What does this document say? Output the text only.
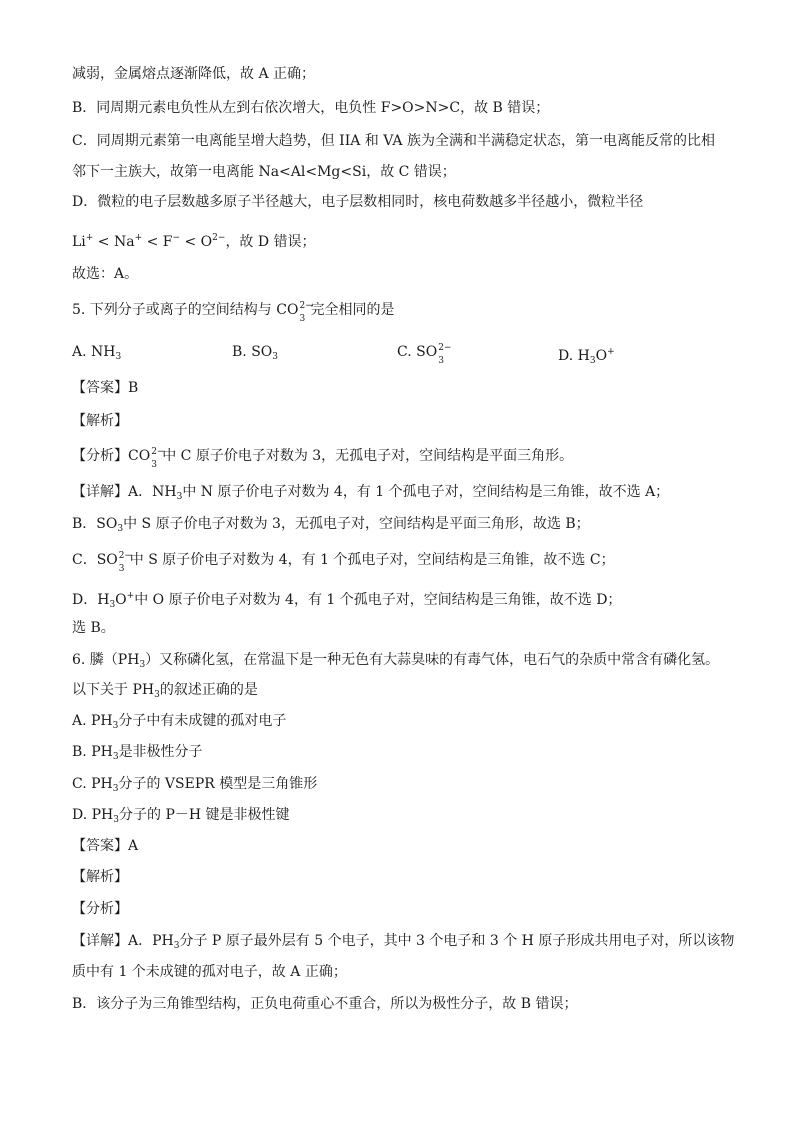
减弱，金属熔点逐渐降低，故 A 正确；
B．同周期元素电负性从左到右依次增大，电负性 F>O>N>C，故 B 错误；
C．同周期元素第一电离能呈增大趋势，但 IIA 和 VA 族为全满和半满稳定状态，第一电离能反常的比相
邻下一主族大，故第一电离能 Na<Al<Mg<Si，故 C 错误；
D．微粒的电子层数越多原子半径越大，电子层数相同时，核电荷数越多半径越小，微粒半径
$Li^+ < Na^+ < F^- < O^{2-}$，故 D 错误；
故选：A。
5. 下列分子或离子的空间结构与 CO 2−
3
完全相同的是
A. $NH_3$	B. $SO_3$	C. SO 2−
3	D. $H_3O^+$
【答案】B
【解析】
【分析】CO 2−
3
中 C 原子价电子对数为 3，无孤电子对，空间结构是平面三角形。
【详解】A．$NH_3$中 N 原子价电子对数为 4，有 1 个孤电子对，空间结构是三角锥，故不选 A；
B．$SO_3$中 S 原子价电子对数为 3，无孤电子对，空间结构是平面三角形，故选 B；
C．SO 2−
3
中 S 原子价电子对数为 4，有 1 个孤电子对，空间结构是三角锥，故不选 C；
D．$H_3O^+$中 O 原子价电子对数为 4，有 1 个孤电子对，空间结构是三角锥，故不选 D；
选 B。
6. 膦$(PH_3)$又称磷化氢，在常温下是一种无色有大蒜臭味的有毒气体，电石气的杂质中常含有磷化氢。
以下关于 $PH_3$的叙述正确的是
A. $PH_3$分子中有未成键的孤对电子
B. $PH_3$是非极性分子
C. $PH_3$分子的 VSEPR 模型是三角锥形
D. $PH_3$分子的 P－H 键是非极性键
【答案】A
【解析】
【分析】
【详解】A．$PH_3$分子 P 原子最外层有 5 个电子，其中 3 个电子和 3 个 H 原子形成共用电子对，所以该物
质中有 1 个未成键的孤对电子，故 A 正确；
B．该分子为三角锥型结构，正负电荷重心不重合，所以为极性分子，故 B 错误；
